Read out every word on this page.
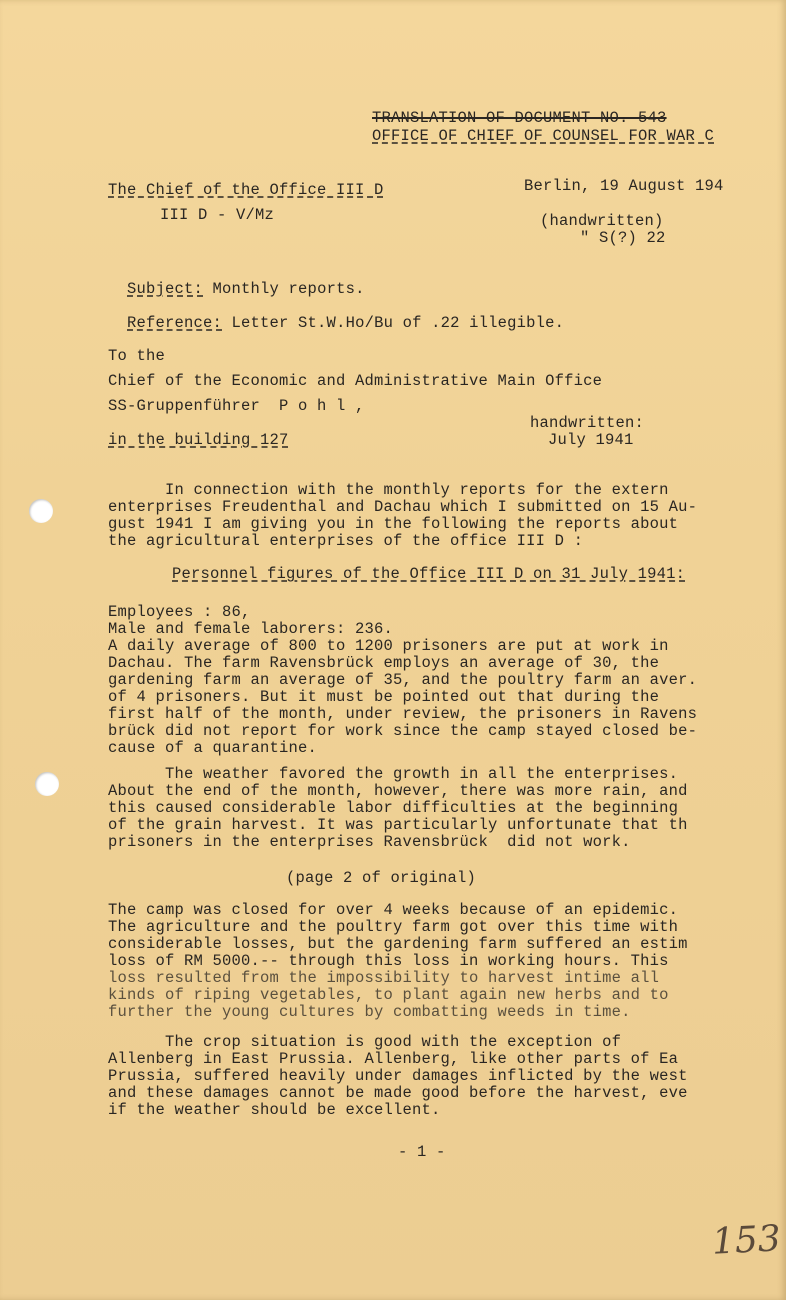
TRANSLATION OF DOCUMENT NO. 543
OFFICE OF CHIEF OF COUNSEL FOR WAR C
The Chief of the Office III D
III D - V/Mz
Berlin, 19 August 194
(handwritten)
" S(?) 22

Subject: Monthly reports.

Reference: Letter St.W.Ho/Bu of .22 illegible.

To the
Chief of the Economic and Administrative Main Office
SS-Gruppenführer  P o h l ,
handwritten:
in the building 127	July 1941
In connection with the monthly reports for the extern
enterprises Freudenthal and Dachau which I submitted on 15 Au-
gust 1941 I am giving you in the following the reports about
the agricultural enterprises of the office III D :
Personnel figures of the Office III D on 31 July 1941:
Employees : 86,
Male and female laborers: 236.
A daily average of 800 to 1200 prisoners are put at work in
Dachau. The farm Ravensbrück employs an average of 30, the
gardening farm an average of 35, and the poultry farm an aver.
of 4 prisoners. But it must be pointed out that during the
first half of the month, under review, the prisoners in Ravens
brück did not report for work since the camp stayed closed be-
cause of a quarantine.
The weather favored the growth in all the enterprises.
About the end of the month, however, there was more rain, and
this caused considerable labor difficulties at the beginning
of the grain harvest. It was particularly unfortunate that th
prisoners in the enterprises Ravensbrück  did not work.
(page 2 of original)
The camp was closed for over 4 weeks because of an epidemic.
The agriculture and the poultry farm got over this time with
considerable losses, but the gardening farm suffered an estim
loss of RM 5000.-- through this loss in working hours. This
loss resulted from the impossibility to harvest intime all
kinds of riping vegetables, to plant again new herbs and to
further the young cultures by combatting weeds in time.
The crop situation is good with the exception of
Allenberg in East Prussia. Allenberg, like other parts of Ea
Prussia, suffered heavily under damages inflicted by the west
and these damages cannot be made good before the harvest, eve
if the weather should be excellent.
- 1 -
153
